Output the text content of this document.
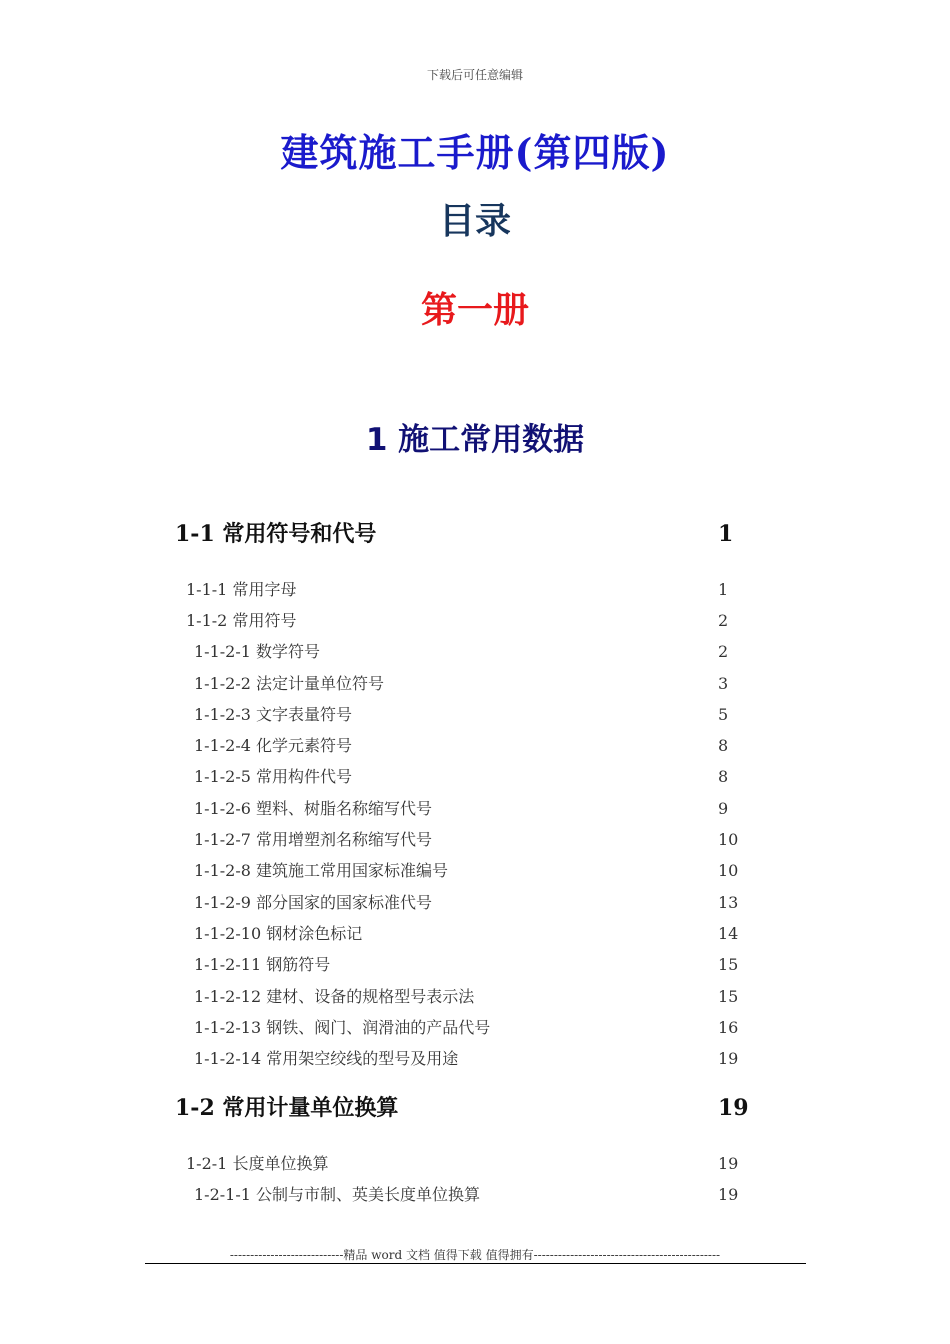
下载后可任意编辑
建筑施工手册(第四版)
目录
第一册
1 施工常用数据
1-1 常用符号和代号	1
1-1-1 常用字母	1
1-1-2 常用符号	2
1-1-2-1 数学符号	2
1-1-2-2 法定计量单位符号	3
1-1-2-3 文字表量符号	5
1-1-2-4 化学元素符号	8
1-1-2-5 常用构件代号	8
1-1-2-6 塑料、树脂名称缩写代号	9
1-1-2-7 常用增塑剂名称缩写代号	10
1-1-2-8 建筑施工常用国家标准编号	10
1-1-2-9 部分国家的国家标准代号	13
1-1-2-10 钢材涂色标记	14
1-1-2-11 钢筋符号	15
1-1-2-12 建材、设备的规格型号表示法	15
1-1-2-13 钢铁、阀门、润滑油的产品代号	16
1-1-2-14 常用架空绞线的型号及用途	19
1-2 常用计量单位换算	19
1-2-1 长度单位换算	19
1-2-1-1 公制与市制、英美长度单位换算	19
----------------------------精品 word 文档 值得下载 值得拥有----------------------------------------------
